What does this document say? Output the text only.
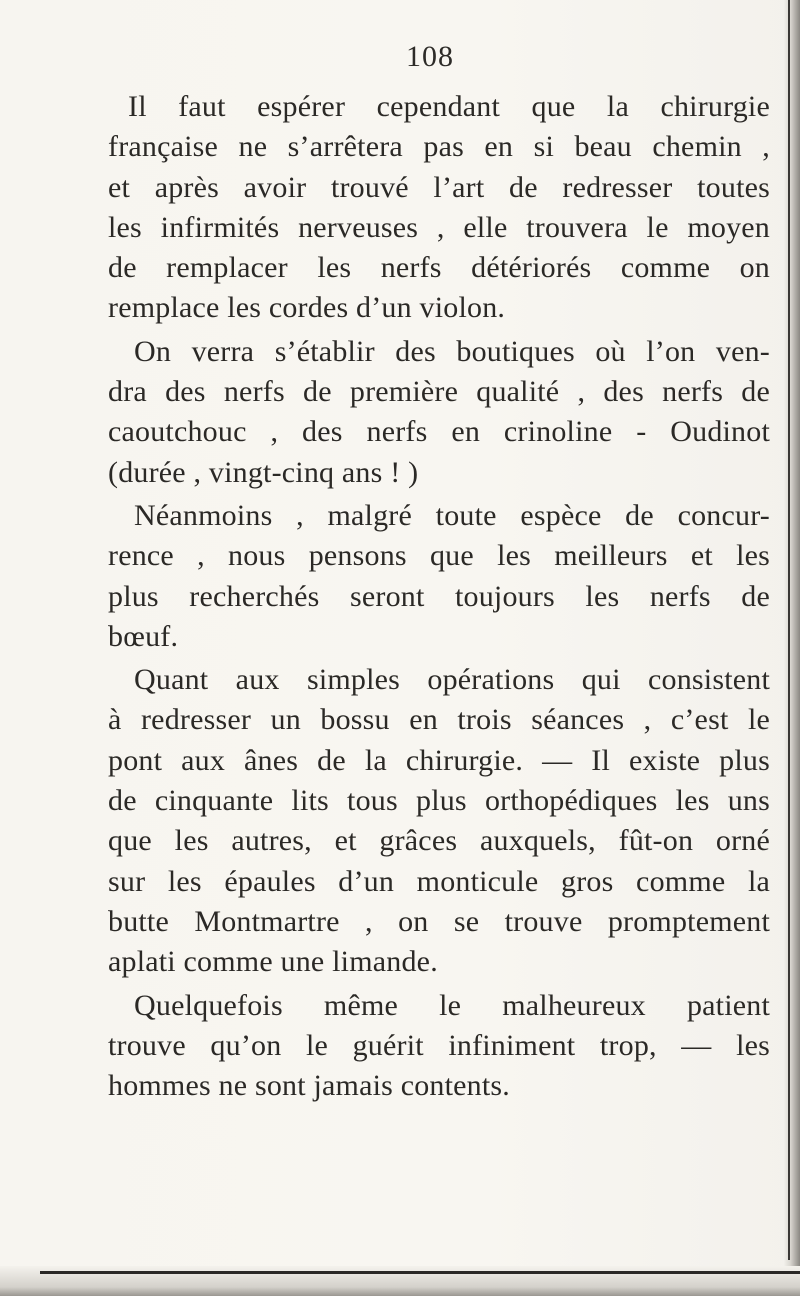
108
Il faut espérer cependant que la chirurgie
française ne s’arrêtera pas en si beau chemin ,
et après avoir trouvé l’art de redresser toutes
les infirmités nerveuses , elle trouvera le moyen
de remplacer les nerfs détériorés comme on
remplace les cordes d’un violon.
On verra s’établir des boutiques où l’on ven-
dra des nerfs de première qualité , des nerfs de
caoutchouc , des nerfs en crinoline - Oudinot
(durée , vingt-cinq ans ! )
Néanmoins , malgré toute espèce de concur-
rence , nous pensons que les meilleurs et les
plus recherchés seront toujours les nerfs de
bœuf.
Quant aux simples opérations qui consistent
à redresser un bossu en trois séances , c’est le
pont aux ânes de la chirurgie. — Il existe plus
de cinquante lits tous plus orthopédiques les uns
que les autres, et grâces auxquels, fût-on orné
sur les épaules d’un monticule gros comme la
butte Montmartre , on se trouve promptement
aplati comme une limande.
Quelquefois même le malheureux patient
trouve qu’on le guérit infiniment trop, — les
hommes ne sont jamais contents.
